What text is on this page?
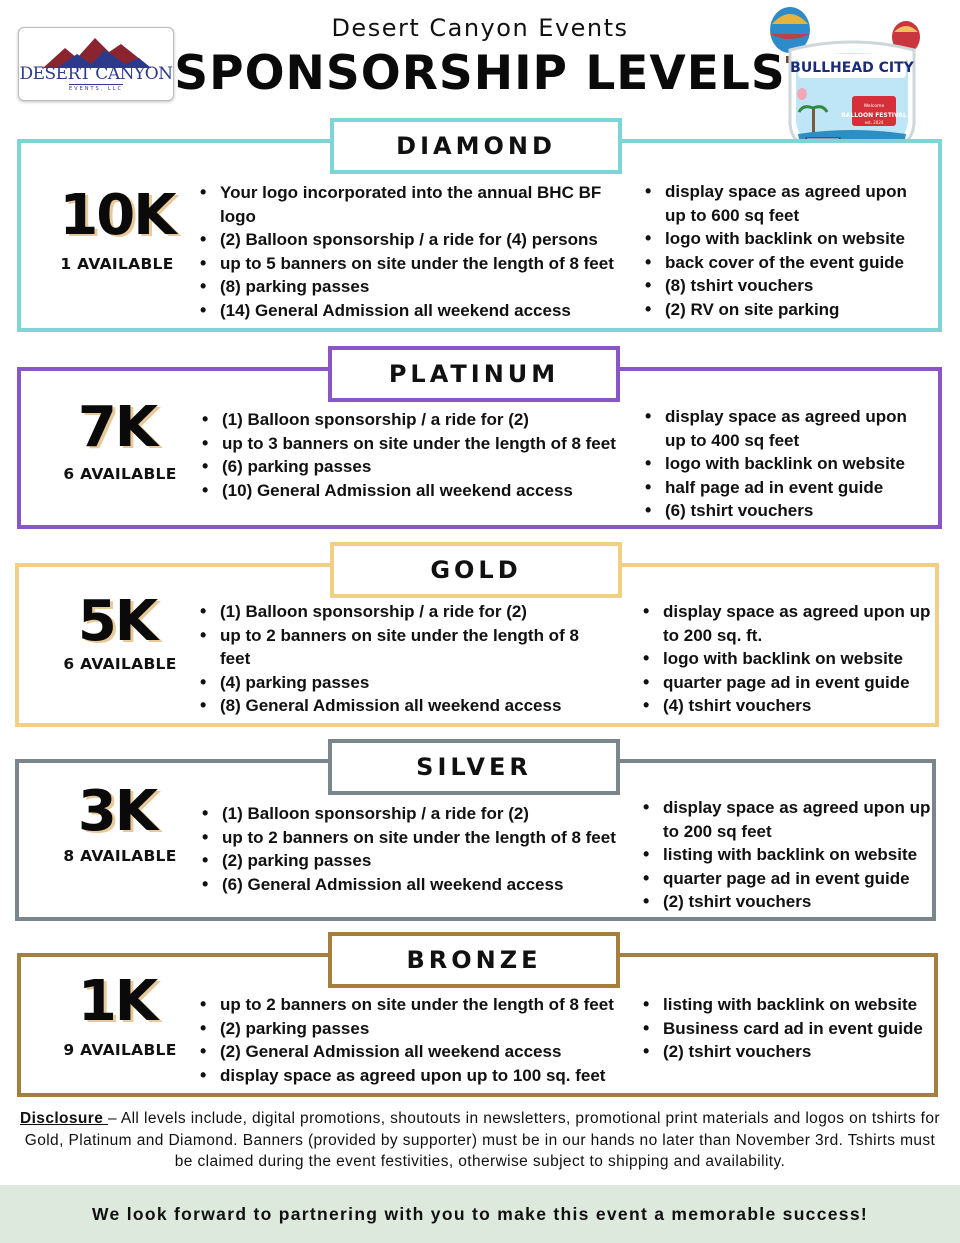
DESERT CANYON
EVENTS, LLC
Desert Canyon Events
SPONSORSHIP LEVELS BULLHEAD CITY
Welcome
BALLOON FESTIVAL
est. 2024
DIAMOND
10K
1 AVAILABLE
• Your logo incorporated into the annual BHC BF logo
• (2) Balloon sponsorship / a ride for (4) persons
• up to 5 banners on site under the length of 8 feet
• (8) parking passes
• (14) General Admission all weekend access
• display space as agreed upon up to 600 sq feet
• logo with backlink on website
• back cover of the event guide
• (8) tshirt vouchers
• (2) RV on site parking
PLATINUM
7K
6 AVAILABLE
• (1) Balloon sponsorship / a ride for (2)
• up to 3 banners on site under the length of 8 feet
• (6) parking passes
• (10) General Admission all weekend access
• display space as agreed upon up to 400 sq feet
• logo with backlink on website
• half page ad in event guide
• (6) tshirt vouchers
GOLD
5K
6 AVAILABLE
• (1) Balloon sponsorship / a ride for (2)
• up to 2 banners on site under the length of 8 feet
• (4) parking passes
• (8) General Admission all weekend access
• display space as agreed upon up to 200 sq. ft.
• logo with backlink on website
• quarter page ad in event guide
• (4) tshirt vouchers
SILVER
3K
8 AVAILABLE
• (1) Balloon sponsorship / a ride for (2)
• up to 2 banners on site under the length of 8 feet
• (2) parking passes
• (6) General Admission all weekend access
• display space as agreed upon up to 200 sq feet
• listing with backlink on website
• quarter page ad in event guide
• (2) tshirt vouchers
BRONZE
1K
9 AVAILABLE
• up to 2 banners on site under the length of 8 feet
• (2) parking passes
• (2) General Admission all weekend access
• display space as agreed upon up to 100 sq. feet
• listing with backlink on website
• Business card ad in event guide
• (2) tshirt vouchers
Disclosure – All levels include, digital promotions, shoutouts in newsletters, promotional print materials and logos on tshirts for Gold, Platinum and Diamond. Banners (provided by supporter) must be in our hands no later than November 3rd. Tshirts must be claimed during the event festivities, otherwise subject to shipping and availability.
We look forward to partnering with you to make this event a memorable success!
